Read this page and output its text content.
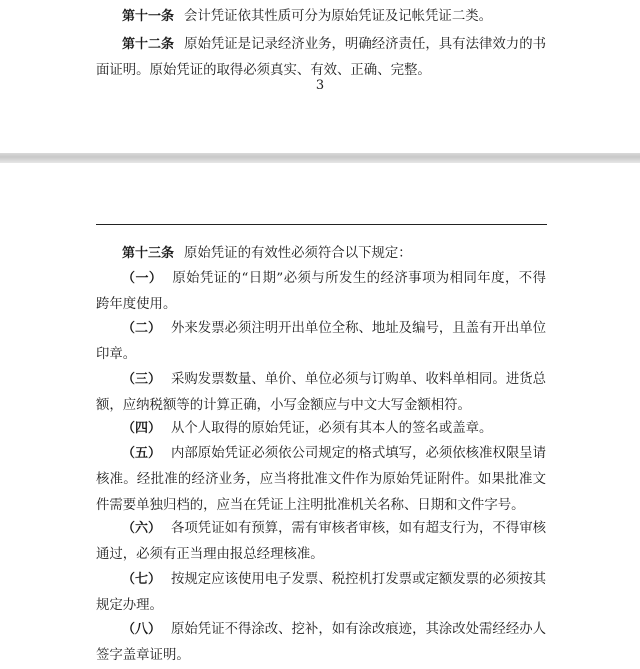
第十一条 会计凭证依其性质可分为原始凭证及记帐凭证二类。

第十二条 原始凭证是记录经济业务，明确经济责任，具有法律效力的书面证明。原始凭证的取得必须真实、有效、正确、完整。

3

第十三条 原始凭证的有效性必须符合以下规定：

（一） 原始凭证的“日期”必须与所发生的经济事项为相同年度，不得跨年度使用。

（二） 外来发票必须注明开出单位全称、地址及编号，且盖有开出单位印章。

（三） 采购发票数量、单价、单位必须与订购单、收料单相同。进货总额，应纳税额等的计算正确，小写金额应与中文大写金额相符。

（四） 从个人取得的原始凭证，必须有其本人的签名或盖章。

（五） 内部原始凭证必须依公司规定的格式填写，必须依核准权限呈请核准。经批准的经济业务，应当将批准文件作为原始凭证附件。如果批准文件需要单独归档的，应当在凭证上注明批准机关名称、日期和文件字号。

（六） 各项凭证如有预算，需有审核者审核，如有超支行为，不得审核通过，必须有正当理由报总经理核准。

（七） 按规定应该使用电子发票、税控机打发票或定额发票的必须按其规定办理。

（八） 原始凭证不得涂改、挖补，如有涂改痕迹，其涂改处需经经办人签字盖章证明。
